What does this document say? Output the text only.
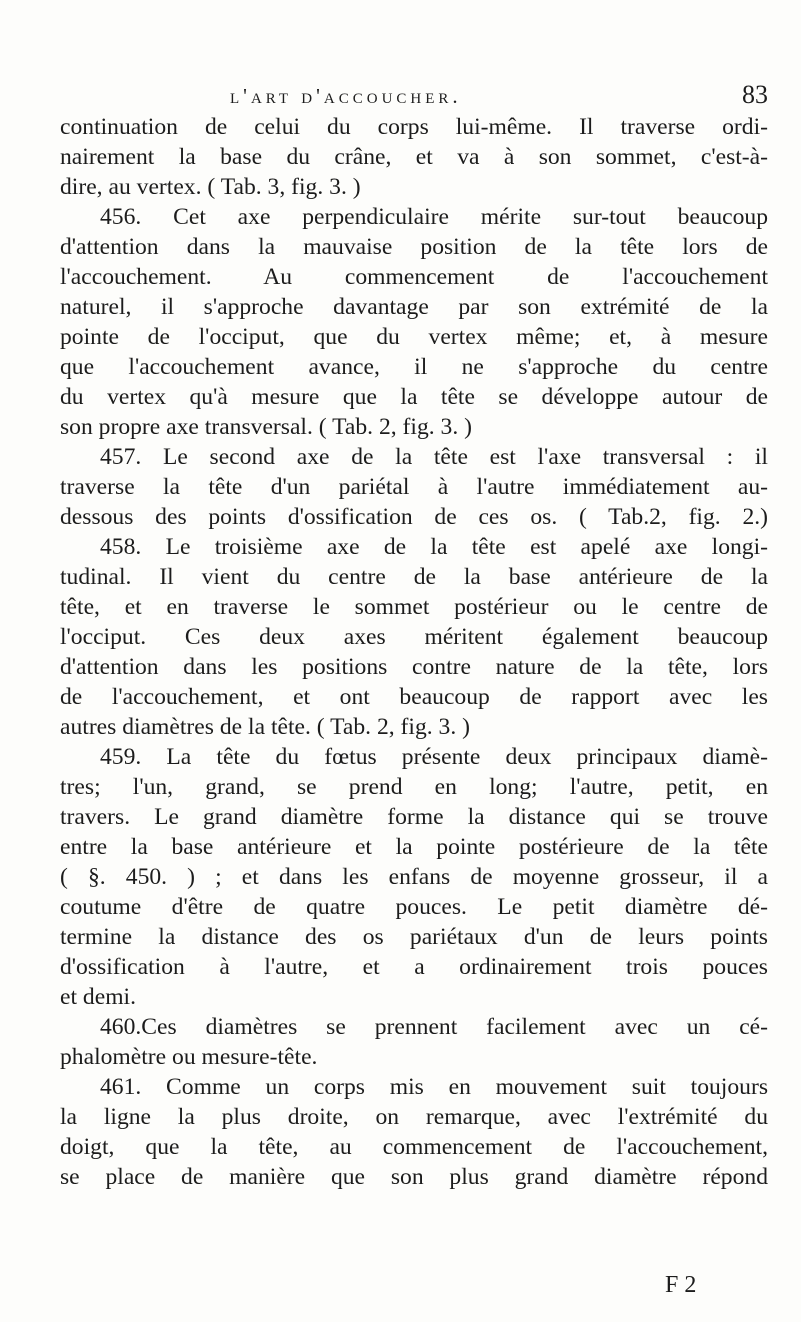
l'art d'accoucher.	83
continuation de celui du corps lui-même. Il traverse ordi-
nairement la base du crâne, et va à son sommet, c'est-à-
dire, au vertex. ( Tab. 3, fig. 3. )
456. Cet axe perpendiculaire mérite sur-tout beaucoup
d'attention dans la mauvaise position de la tête lors de
l'accouchement. Au commencement de l'accouchement
naturel, il s'approche davantage par son extrémité de la
pointe de l'occiput, que du vertex même; et, à mesure
que l'accouchement avance, il ne s'approche du centre
du vertex qu'à mesure que la tête se développe autour de
son propre axe transversal. ( Tab. 2, fig. 3. )
457. Le second axe de la tête est l'axe transversal : il
traverse la tête d'un pariétal à l'autre immédiatement au-
dessous des points d'ossification de ces os. ( Tab.2, fig. 2.)
458. Le troisième axe de la tête est apelé axe longi-
tudinal. Il vient du centre de la base antérieure de la
tête, et en traverse le sommet postérieur ou le centre de
l'occiput. Ces deux axes méritent également beaucoup
d'attention dans les positions contre nature de la tête, lors
de l'accouchement, et ont beaucoup de rapport avec les
autres diamètres de la tête. ( Tab. 2, fig. 3. )
459. La tête du fœtus présente deux principaux diamè-
tres; l'un, grand, se prend en long; l'autre, petit, en
travers. Le grand diamètre forme la distance qui se trouve
entre la base antérieure et la pointe postérieure de la tête
( §. 450. ) ; et dans les enfans de moyenne grosseur, il a
coutume d'être de quatre pouces. Le petit diamètre dé-
termine la distance des os pariétaux d'un de leurs points
d'ossification à l'autre, et a ordinairement trois pouces
et demi.
460.Ces diamètres se prennent facilement avec un cé-
phalomètre ou mesure-tête.
461. Comme un corps mis en mouvement suit toujours
la ligne la plus droite, on remarque, avec l'extrémité du
doigt, que la tête, au commencement de l'accouchement,
se place de manière que son plus grand diamètre répond
F 2
